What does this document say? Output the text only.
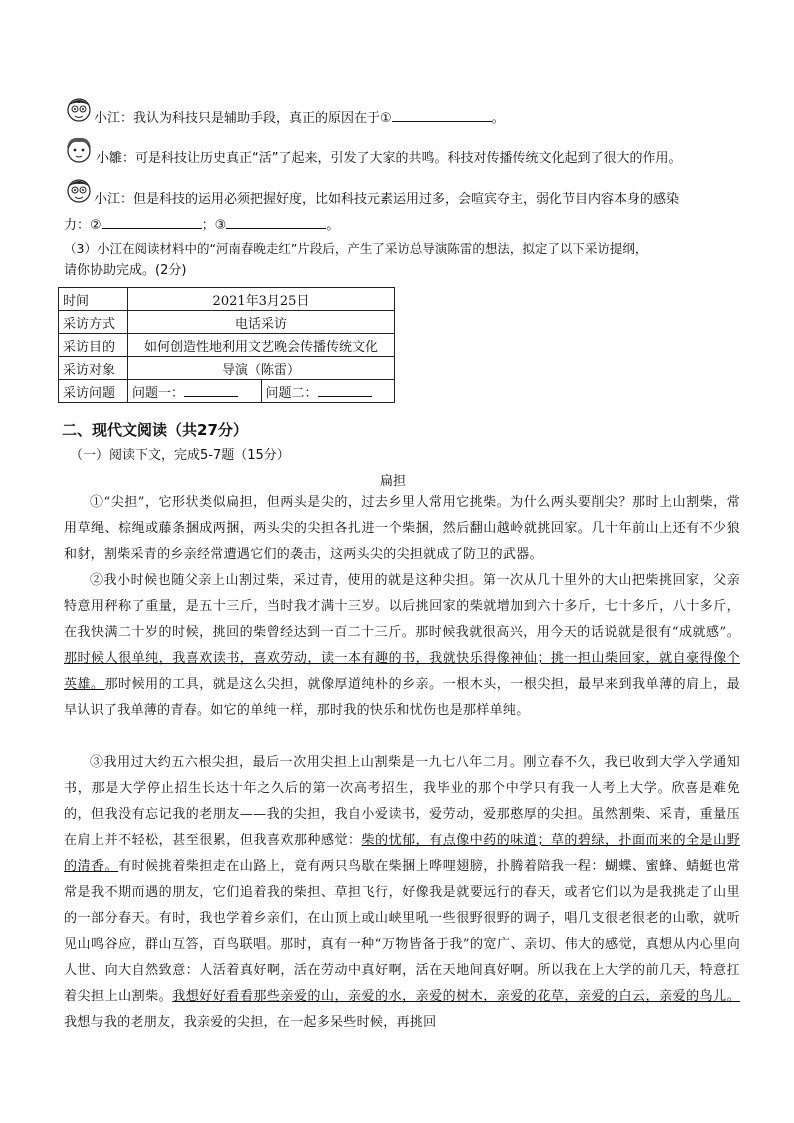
小江：我认为科技只是辅助手段，真正的原因在于①	。
小雛：可是科技让历史真正“活”了起来，引发了大家的共鸣。科技对传播传统文化起到了很大的作用。
小江：但是科技的运用必须把握好度，比如科技元素运用过多，会喧宾夺主，弱化节目内容本身的感染
力：②	；③	。
（3）小江在阅读材料中的“河南春晚走红”片段后，产生了采访总导演陈雷的想法，拟定了以下采访提纲，
请你协助完成。(2分)
时间	2021年3月25日	
采访方式	电话采访	
采访目的	如何创造性地利用文艺晚会传播传统文化	
采访对象	导演（陈雷）	
采访问题	问题一：	问题二：
二、现代文阅读（共27分）
（一）阅读下文，完成5-7题（15分）
扁担
①“尖担”，它形状类似扁担，但两头是尖的，过去乡里人常用它挑柴。为什么两头要削尖？那时上山割柴，常用草绳、棕绳或藤条捆成两捆，两头尖的尖担各扎进一个柴捆，然后翻山越岭就挑回家。几十年前山上还有不少狼和豺，割柴采青的乡亲经常遭遇它们的袭击，这两头尖的尖担就成了防卫的武器。
②我小时候也随父亲上山割过柴，采过青，使用的就是这种尖担。第一次从几十里外的大山把柴挑回家，父亲特意用秤称了重量，是五十三斤，当时我才满十三岁。以后挑回家的柴就增加到六十多斤，七十多斤，八十多斤，在我快满二十岁的时候，挑回的柴曾经达到一百二十三斤。那时候我就很高兴，用今天的话说就是很有“成就感”。那时候人很单纯，我喜欢读书，喜欢劳动，读一本有趣的书，我就快乐得像神仙；挑一担山柴回家，就自豪得像个英雄。那时候用的工具，就是这么尖担，就像厚道纯朴的乡亲。一根木头，一根尖担，最早来到我单薄的肩上，最早认识了我单薄的青春。如它的单纯一样，那时我的快乐和忧伤也是那样单纯。
③我用过大约五六根尖担，最后一次用尖担上山割柴是一九七八年二月。刚立春不久，我已收到大学入学通知书，那是大学停止招生长达十年之久后的第一次高考招生，我毕业的那个中学只有我一人考上大学。欣喜是难免的，但我没有忘记我的老朋友——我的尖担，我自小爱读书，爱劳动，爱那憨厚的尖担。虽然割柴、采青，重量压在肩上并不轻松，甚至很累，但我喜欢那种感觉：柴的忧郁，有点像中药的味道；草的碧绿，扑面而来的全是山野的清香。有时候挑着柴担走在山路上，竟有两只鸟歇在柴捆上哗哩翅膀，扑腾着陪我一程：蝴蝶、蜜蜂、蜻蜓也常常是我不期而遇的朋友，它们追着我的柴担、草担飞行，好像我是就要远行的春天，或者它们以为是我挑走了山里的一部分春天。有时，我也学着乡亲们，在山顶上或山峡里吼一些很野很野的调子，唱几支很老很老的山歌，就听见山鸣谷应，群山互答，百鸟联唱。那时，真有一种“万物皆备于我”的宽广、亲切、伟大的感觉，真想从内心里向人世、向大自然致意：人活着真好啊，活在劳动中真好啊，活在天地间真好啊。所以我在上大学的前几天，特意扛着尖担上山割柴。我想好好看看那些亲爱的山，亲爱的水，亲爱的树木，亲爱的花草，亲爱的白云，亲爱的鸟儿。我想与我的老朋友，我亲爱的尖担，在一起多呆些时候，再挑回
